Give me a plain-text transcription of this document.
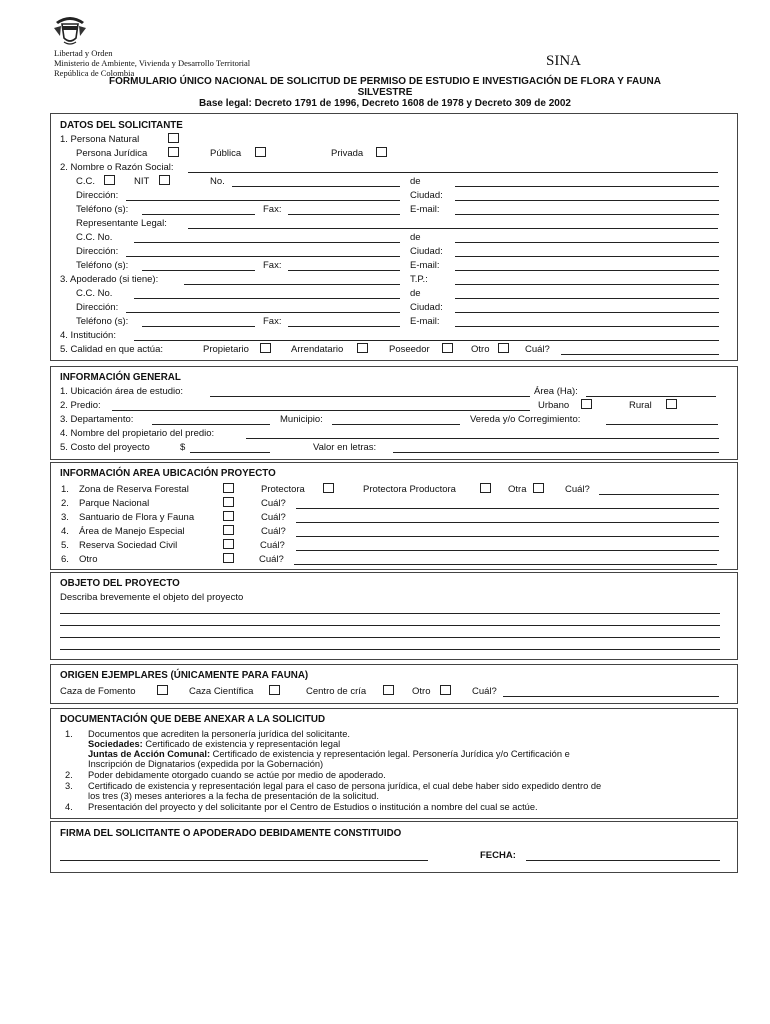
Libertad y Orden
Ministerio de Ambiente, Vivienda y Desarrollo Territorial
República de Colombia
SINA
FORMULARIO ÚNICO NACIONAL DE SOLICITUD DE PERMISO DE ESTUDIO E INVESTIGACIÓN DE FLORA Y FAUNA
SILVESTRE
Base legal: Decreto 1791 de 1996, Decreto 1608 de 1978 y Decreto 309 de 2002
DATOS DEL SOLICITANTE
1. Persona Natural
Persona Jurídica	Pública	Privada
2. Nombre o Razón Social:
C.C.	NIT	No.	de
Dirección:	Ciudad:
Teléfono (s):	Fax:	E-mail:
Representante Legal:
C.C. No.	de
Dirección:	Ciudad:
Teléfono (s):	Fax:	E-mail:
3. Apoderado (si tiene):	T.P.:
C.C. No.	de
Dirección:	Ciudad:
Teléfono (s):	Fax:	E-mail:
4. Institución:
5. Calidad en que actúa:	Propietario	Arrendatario	Poseedor	Otro	Cuál?
INFORMACIÓN GENERAL
1. Ubicación área de estudio:	Área (Ha):
2. Predio:	Urbano	Rural
3. Departamento:	Municipio:	Vereda y/o Corregimiento:
4. Nombre del propietario del predio:
5. Costo del proyecto	$	Valor en letras:
INFORMACIÓN AREA UBICACIÓN PROYECTO
1. Zona de Reserva Forestal	Protectora	Protectora Productora	Otra	Cuál?
2. Parque Nacional	Cuál?
3. Santuario de Flora y Fauna	Cuál?
4. Área de Manejo Especial	Cuál?
5. Reserva Sociedad Civil	Cuál?
6. Otro	Cuál?
OBJETO DEL PROYECTO
Describa brevemente el objeto del proyecto
ORIGEN EJEMPLARES (ÚNICAMENTE PARA FAUNA)
Caza de Fomento	Caza Científica	Centro de cría	Otro	Cuál?
DOCUMENTACIÓN QUE DEBE ANEXAR A LA SOLICITUD
1. Documentos que acrediten la personería jurídica del solicitante.
Sociedades: Certificado de existencia y representación legal
Juntas de Acción Comunal: Certificado de existencia y representación legal. Personería Jurídica y/o Certificación e
Inscripción de Dignatarios (expedida por la Gobernación)
2. Poder debidamente otorgado cuando se actúe por medio de apoderado.
3. Certificado de existencia y representación legal para el caso de persona jurídica, el cual debe haber sido expedido dentro de
los tres (3) meses anteriores a la fecha de presentación de la solicitud.
4. Presentación del proyecto y del solicitante por el Centro de Estudios o institución a nombre del cual se actúe.
FIRMA DEL SOLICITANTE O APODERADO DEBIDAMENTE CONSTITUIDO
FECHA:
